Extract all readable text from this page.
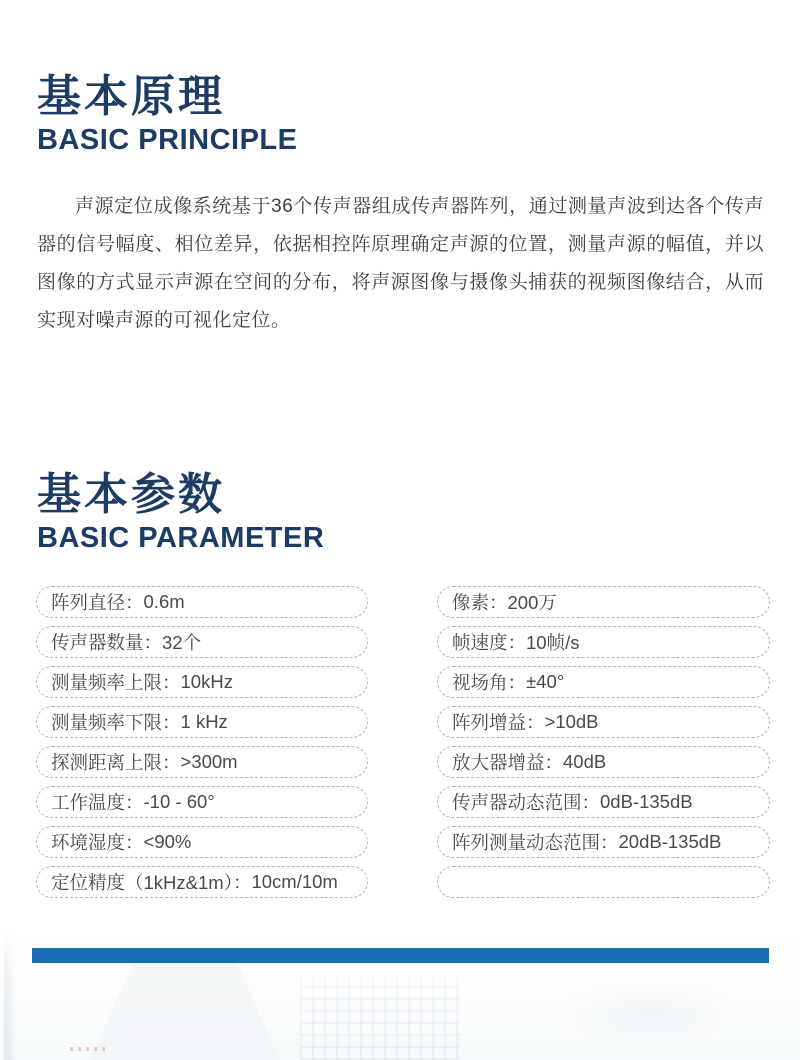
基本原理
BASIC PRINCIPLE

声源定位成像系统基于36个传声器组成传声器阵列，通过测量声波到达各个传声器的信号幅度、相位差异，依据相控阵原理确定声源的位置，测量声源的幅值，并以图像的方式显示声源在空间的分布，将声源图像与摄像头捕获的视频图像结合，从而实现对噪声源的可视化定位。

基本参数
BASIC PARAMETER
阵列直径： 0.6m
传声器数量： 32个
测量频率上限： 10kHz
测量频率下限： 1 kHz
探测距离上限： >300m
工作温度： -10 - 60°
环境湿度： <90%
定位精度（1kHz&1m）： 10cm/10m
像素： 200万
帧速度： 10帧/s
视场角： ±40°
阵列增益： >10dB
放大器增益： 40dB
传声器动态范围： 0dB-135dB
阵列测量动态范围： 20dB-135dB
